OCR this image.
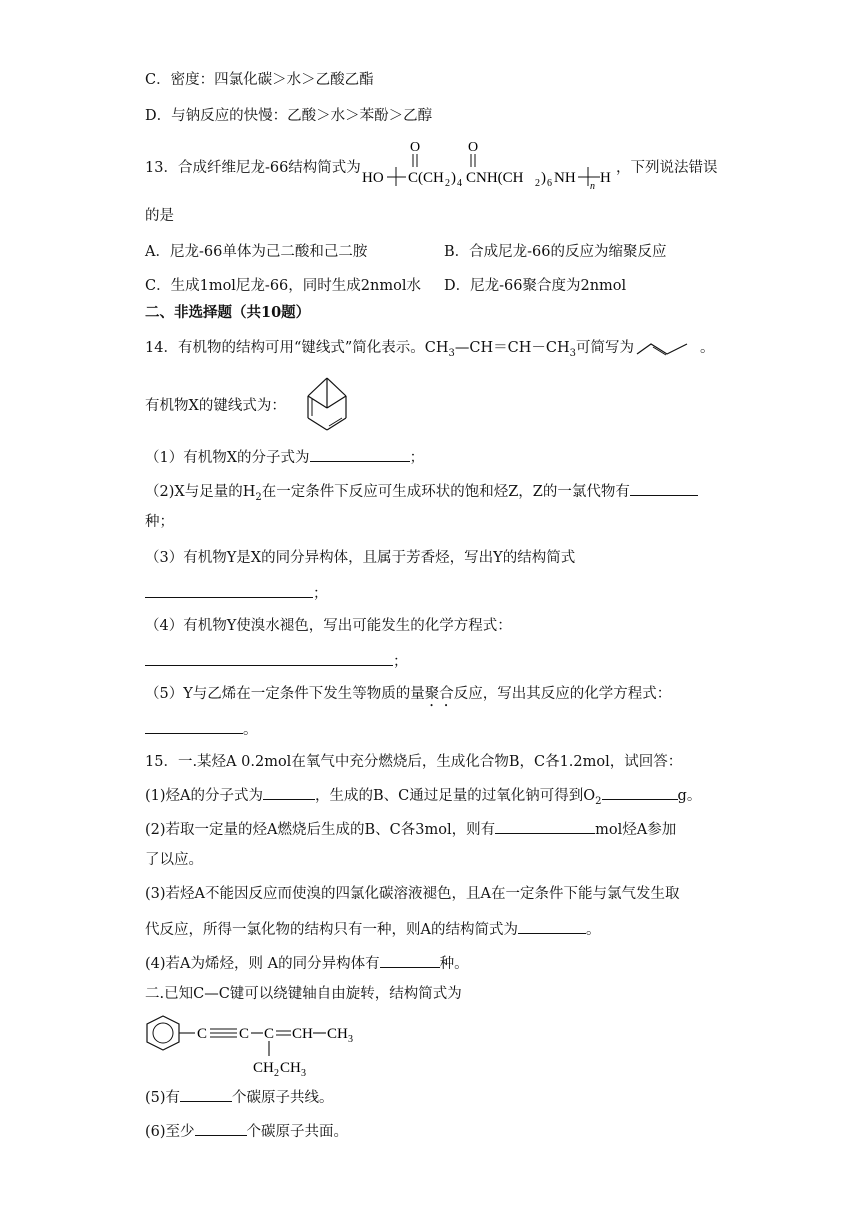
C．密度：四氯化碳＞水＞乙酸乙酯
D．与钠反应的快慢：乙酸＞水＞苯酚＞乙醇
13．合成纤维尼龙-66结构简式为
O	O
HO C(CH 2 ) 4 CNH(CH 2 ) 6 NH
n
H
，下列说法错误
的是
A．尼龙-66单体为己二酸和己二胺	B．合成尼龙-66的反应为缩聚反应
C．生成1mol尼龙-66，同时生成2nmol水 D．尼龙-66聚合度为2nmol
二、非选择题（共10题）
14．有机物的结构可用“键线式”简化表示。$CH_3—CH=CH-CH_3$可简写为	。
有机物X的键线式为：
（1）有机物X的分子式为	；
（2)X与足量的$H_2$在一定条件下反应可生成环状的饱和烃Z，Z的一氯代物有
种；
（3）有机物Y是X的同分异构体，且属于芳香烃，写出Y的结构简式
；
（4）有机物Y使溴水褪色，写出可能发生的化学方程式：
；
（5）Y与乙烯在一定条件下发生等物质的量聚合反应，写出其反应的化学方程式：
。
15．一.某烃A 0.2mol在氧气中充分燃烧后，生成化合物B，C各1.2mol，试回答：
(1)烃A的分子式为	，生成的B、C通过足量的过氧化钠可得到$O_2$	g。
(2)若取一定量的烃A燃烧后生成的B、C各3mol，则有	mol烃A参加
了以应。
(3)若烃A不能因反应而使溴的四氯化碳溶液褪色，且A在一定条件下能与氯气发生取
代反应，所得一氯化物的结构只有一种，则A的结构简式为	。
(4)若A为烯烃，则 A的同分异构体有	种。
二.已知C—C键可以绕键轴自由旋转，结构简式为
C C C CH CH 3
CH 2 CH 3
(5)有	个碳原子共线。
(6)至少	个碳原子共面。
